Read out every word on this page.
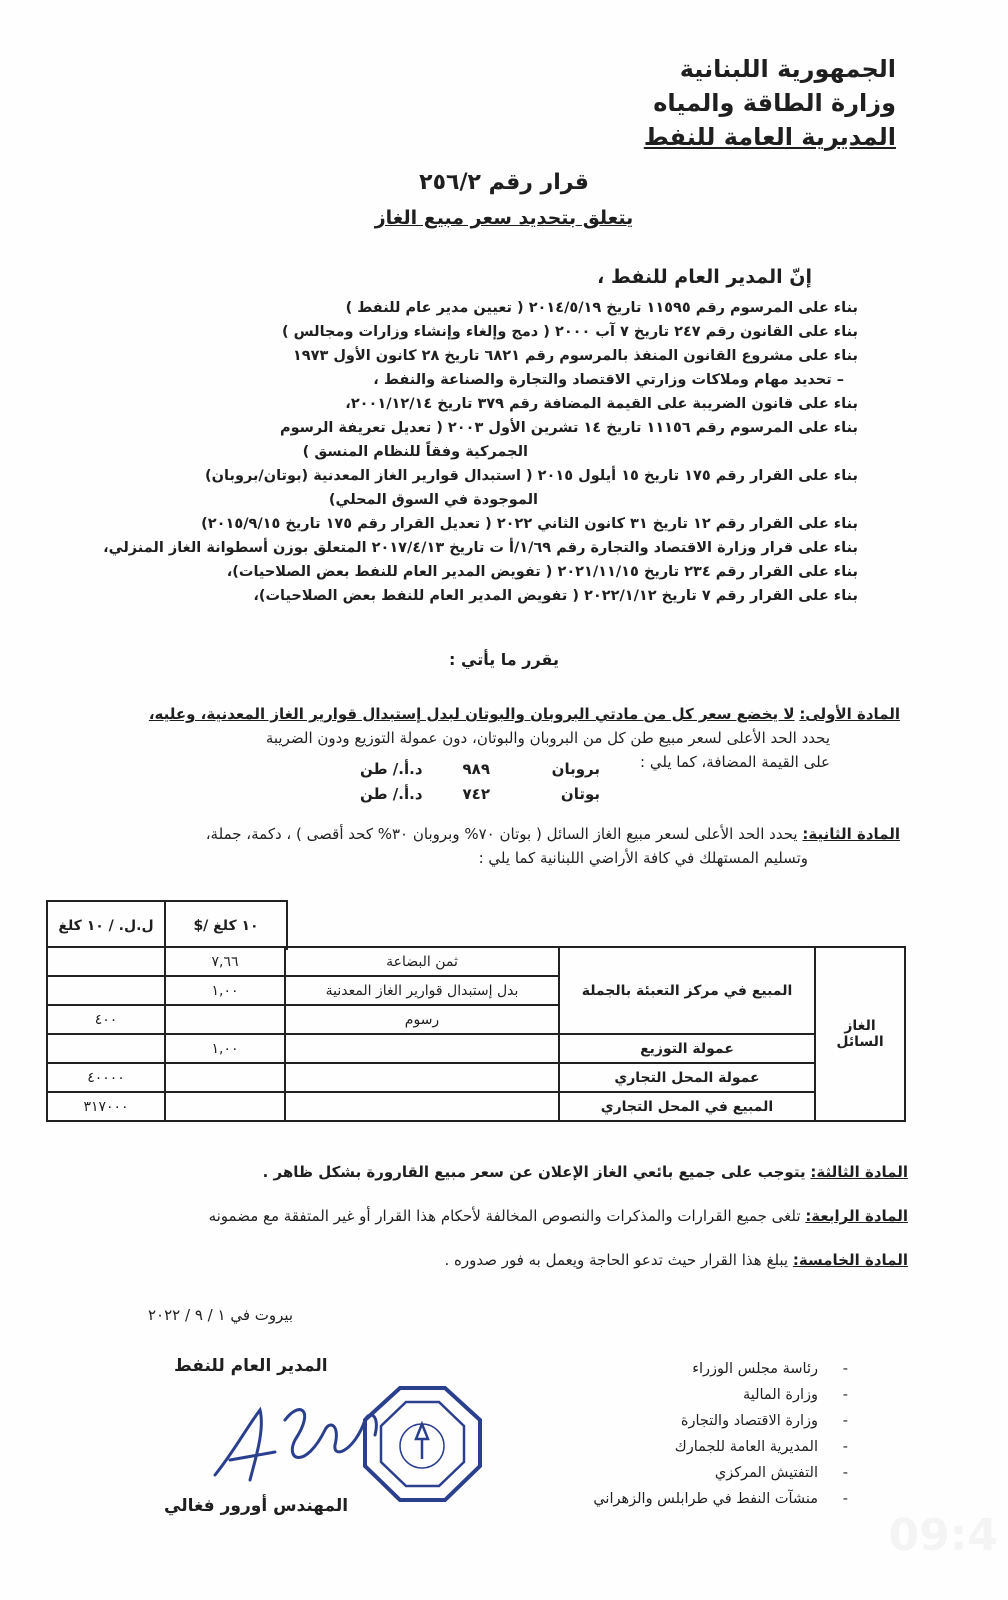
الجمهورية اللبنانية
وزارة الطاقة والمياه
المديرية العامة للنفط
قرار رقم ٢٥٦/٢
يتعلق بتحديد سعر مبيع الغاز
إنّ المدير العام للنفط ،
بناء على المرسوم رقم ١١٥٩٥ تاريخ ٢٠١٤/٥/١٩ ( تعيين مدير عام للنفط )
بناء على القانون رقم ٢٤٧ تاريخ ٧ آب ٢٠٠٠ ( دمج وإلغاء وإنشاء وزارات ومجالس )
بناء على مشروع القانون المنفذ بالمرسوم رقم ٦٨٢١ تاريخ ٢٨ كانون الأول ١٩٧٣
– تحديد مهام وملاكات وزارتي الاقتصاد والتجارة والصناعة والنفط ،
بناء على قانون الضريبة على القيمة المضافة رقم ٣٧٩ تاريخ ٢٠٠١/١٢/١٤،
بناء على المرسوم رقم ١١١٥٦ تاريخ ١٤ تشرين الأول ٢٠٠٣ ( تعديل تعريفة الرسوم
الجمركية وفقاً للنظام المنسق )
بناء على القرار رقم ١٧٥ تاريخ ١٥ أيلول ٢٠١٥ ( استبدال قوارير الغاز المعدنية (بوتان/بروبان)
الموجودة في السوق المحلي)
بناء على القرار رقم ١٢ تاريخ ٣١ كانون الثاني ٢٠٢٢ ( تعديل القرار رقم ١٧٥ تاريخ ٢٠١٥/٩/١٥)
بناء على قرار وزارة الاقتصاد والتجارة رقم ١/٦٩/أ ت تاريخ ٢٠١٧/٤/١٣ المتعلق بوزن أسطوانة الغاز المنزلي،
بناء على القرار رقم ٢٣٤ تاريخ ٢٠٢١/١١/١٥ ( تفويض المدير العام للنفط بعض الصلاحيات)،
بناء على القرار رقم ٧ تاريخ ٢٠٢٢/١/١٢ ( تفويض المدير العام للنفط بعض الصلاحيات)،
يقرر ما يأتي :
المادة الأولى: لا يخضع سعر كل من مادتي البروبان والبوتان لبدل إستبدال قوارير الغاز المعدنية، وعليه،
يحدد الحد الأعلى لسعر مبيع طن كل من البروبان والبوتان، دون عمولة التوزيع ودون الضريبة
على القيمة المضافة، كما يلي :
بروبان
٩٨٩
د.أ./ طن
بوتان
٧٤٢
د.أ./ طن
المادة الثانية: يحدد الحد الأعلى لسعر مبيع الغاز السائل ( بوتان ٧٠% وبروبان ٣٠% كحد أقصى ) ، دكمة، جملة،
وتسليم المستهلك في كافة الأراضي اللبنانية كما يلي :
ل.ل. / ١٠ كلغ	$/ ١٠ كلغ
الغاز السائل	المبيع في مركز التعبئة بالجملة	ثمن البضاعة	٧,٦٦	
		بدل إستبدال قوارير الغاز المعدنية	١,٠٠	
		رسوم		٤٠٠
	عمولة التوزيع		١,٠٠	
	عمولة المحل التجاري			٤٠٠٠٠
	المبيع في المحل التجاري			٣١٧٠٠٠
المادة الثالثة: يتوجب على جميع بائعي الغاز الإعلان عن سعر مبيع القارورة بشكل ظاهر .
المادة الرابعة: تلغى جميع القرارات والمذكرات والنصوص المخالفة لأحكام هذا القرار أو غير المتفقة مع مضمونه
المادة الخامسة: يبلغ هذا القرار حيث تدعو الحاجة ويعمل به فور صدوره .
بيروت في ١ / ٩ / ٢٠٢٢
المدير العام للنفط
المهندس أورور فغالي
- رئاسة مجلس الوزراء
- وزارة المالية
- وزارة الاقتصاد والتجارة
- المديرية العامة للجمارك
- التفتيش المركزي
- منشآت النفط في طرابلس والزهراني
09:4
